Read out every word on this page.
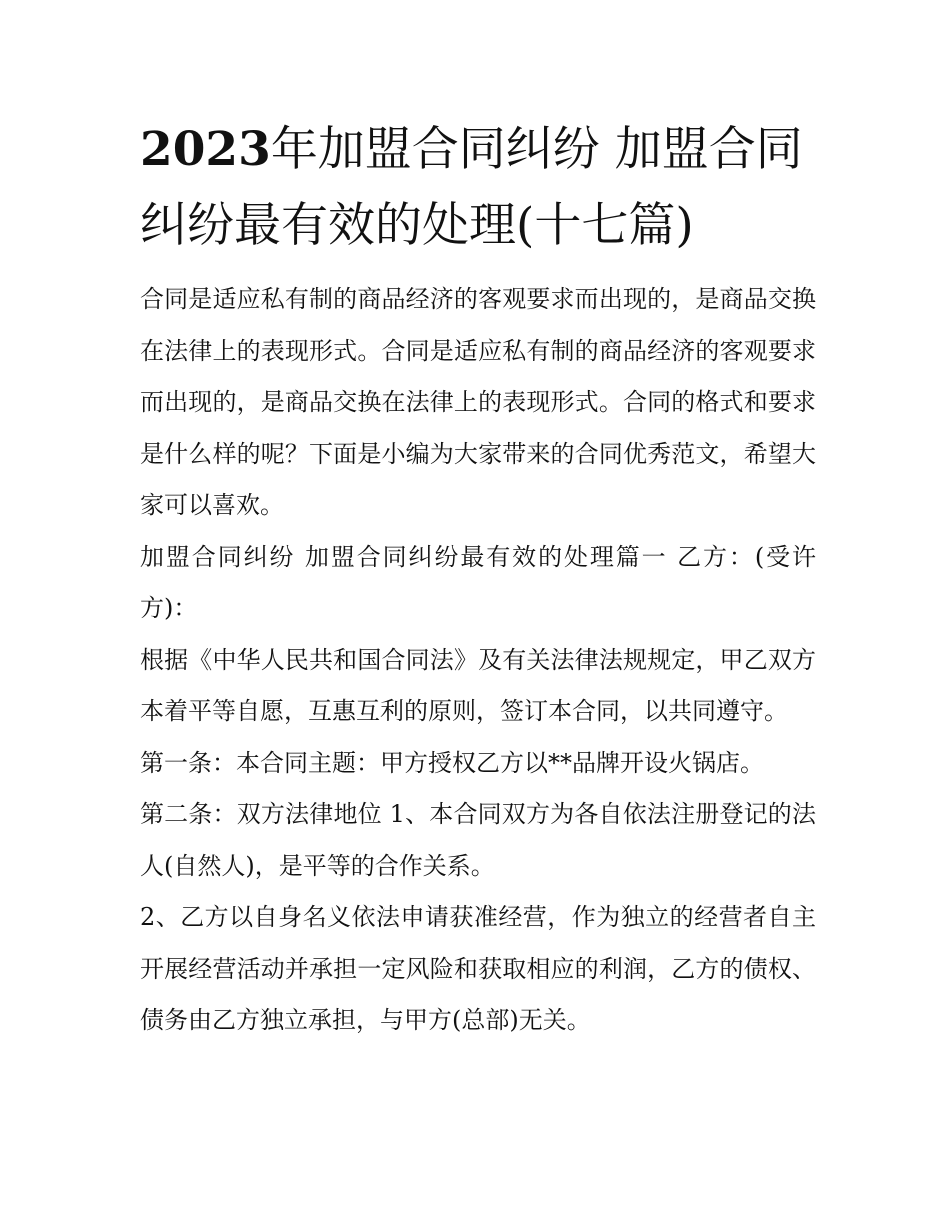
2023年加盟合同纠纷 加盟合同纠纷最有效的处理(十七篇)

合同是适应私有制的商品经济的客观要求而出现的，是商品交换在法律上的表现形式。合同是适应私有制的商品经济的客观要求而出现的，是商品交换在法律上的表现形式。合同的格式和要求是什么样的呢？下面是小编为大家带来的合同优秀范文，希望大家可以喜欢。

加盟合同纠纷 加盟合同纠纷最有效的处理篇一 乙方：(受许方)：

根据《中华人民共和国合同法》及有关法律法规规定，甲乙双方本着平等自愿，互惠互利的原则，签订本合同，以共同遵守。

第一条：本合同主题：甲方授权乙方以**品牌开设火锅店。

第二条：双方法律地位 1、本合同双方为各自依法注册登记的法人(自然人)，是平等的合作关系。

2、乙方以自身名义依法申请获准经营，作为独立的经营者自主开展经营活动并承担一定风险和获取相应的利润，乙方的债权、债务由乙方独立承担，与甲方(总部)无关。
